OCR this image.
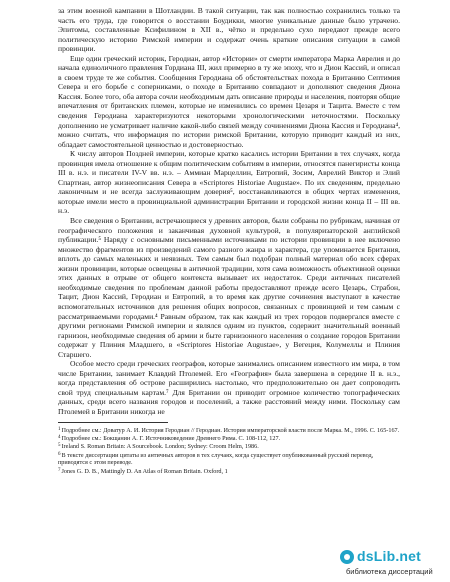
за этим военной кампании в Шотландии. В такой ситуации, так как полностью сохранились только та часть его труда, где говорится о восстании Боудикки, многие уникальные данные было утрачено. Эпитомы, составленные Ксифилином в XII в., чётко и предельно сухо передают прежде всего политическую историю Римской империи и содержат очень краткие описания ситуации в самой провинции.

Еще один греческий историк, Геродиан, автор «Истории» от смерти императора Марка Аврелия и до начала единоличного правления Гордиана III, жил примерно в ту же эпоху, что и Дион Кассий, и описал в своем труде те же события. Сообщения Геродиана об обстоятельствах похода в Британию Септимия Севера и его борьбе с соперниками, о походе в Британию совпадают и дополняют сведения Диона Кассия. Более того, оба автора сочли необходимым дать описание природы и населения, повторяя общие впечатления от британских племен, которые не изменились со времен Цезаря и Тацита. Вместе с тем сведения Геродиана характеризуются некоторыми хронологическими неточностями. Поскольку дополнению не усматривает наличие какой-либо связей между сочинениями Диона Кассия и Геродиана⁴, можно считать, что информация по истории римской Британии, которую приводит каждый из них, обладает самостоятельной ценностью и достоверностью.

К числу авторов Поздней империи, которые кратко касались истории Британии в тех случаях, когда провинция имела отношение к общим политическим событиям в империи, относятся панегиристы конца III в. н.э. и писатели IV-V вв. н.э. – Аммиан Марцеллин, Евтропий, Зосим, Аврелий Виктор и Элий Спартиан, автор жизнеописания Севера в «Scriptores Historiae Augustae». По их сведениям, предельно лаконичным и не всегда заслуживающим доверия⁵, восстанавливаются в общих чертах изменения, которые имели место в провинциальной администрации Британии и городской жизни конца II – III вв. н.э.

Все сведения о Британии, встречающиеся у древних авторов, были собраны по рубрикам, начиная от географического положения и заканчивая духовной культурой, в популяризаторской английской публикации.⁵ Наряду с основными письменными источниками по истории провинции в нее включено множество фрагментов из произведений самого разного жанра и характера, где упоминается Британия, вплоть до самых маленьких и неявзных. Тем самым был подобран полный материал обо всех сферах жизни провинции, которые освещены в античной традиции, хотя сама возможность объективной оценки этих данных в отрыве от общего контекста вызывает их недостаток. Среди античных писателей необходимые сведения по проблемам данной работы предоставляют прежде всего Цезарь, Страбон, Тацит, Дион Кассий, Геродиан и Евтропий, в то время как другие сочинения выступают в качестве вспомогательных источников для решения общих вопросов, связанных с провинцией и тем самым с рассматриваемыми городами.⁴ Равным образом, так как каждый из трех городов подвергался вместе с другими регионами Римской империи и являлся одним из пунктов, содержит значительный военный гарнизон, необходимые сведения об армии и быте гарнизонного населения о создание городов Британии содержат у Плиния Младшего, в «Scriptores Historiae Augustae», у Вегеция, Колумеллы и Плиния Старшего.

Особое место среди греческих географов, которые занимались описанием известного им мира, в том числе Британии, занимает Клавдий Птолемей. Его «География» была завершена в середине II в. н.э., когда представления об острове расширились настолько, что предположительно он дает сопроводить свой труд специальным картам.⁷ Для Британии он приводит огромное количество топографических данных, среди всего названия городов и поселений, а также расстояний между ними. Поскольку сам Птолемей в Британии никогда не

$^1$Подробнее см.: Доватур А. И. История Геродиан // Геродиан. История императорской власти после Марка. М., 1996. С. 165-167.

$^4$Подробнее см.: Бокщанин А. Г. Источниковедение Древнего Рима. С. 108-112, 127.

$^5$Ireland S. Roman Britain: A Sourcebook. London; Sydney: Croom Helm, 1986.

$^6$В тексте диссертации цитаты из античных авторов в тех случаях, когда существует опубликованный русский перевод, приводятся с этом переводе.

$^7$Jones G. D. B., Mattingly D. An Atlas of Roman Britain. Oxford, 1

dsLib.net
библиотека диссертаций
